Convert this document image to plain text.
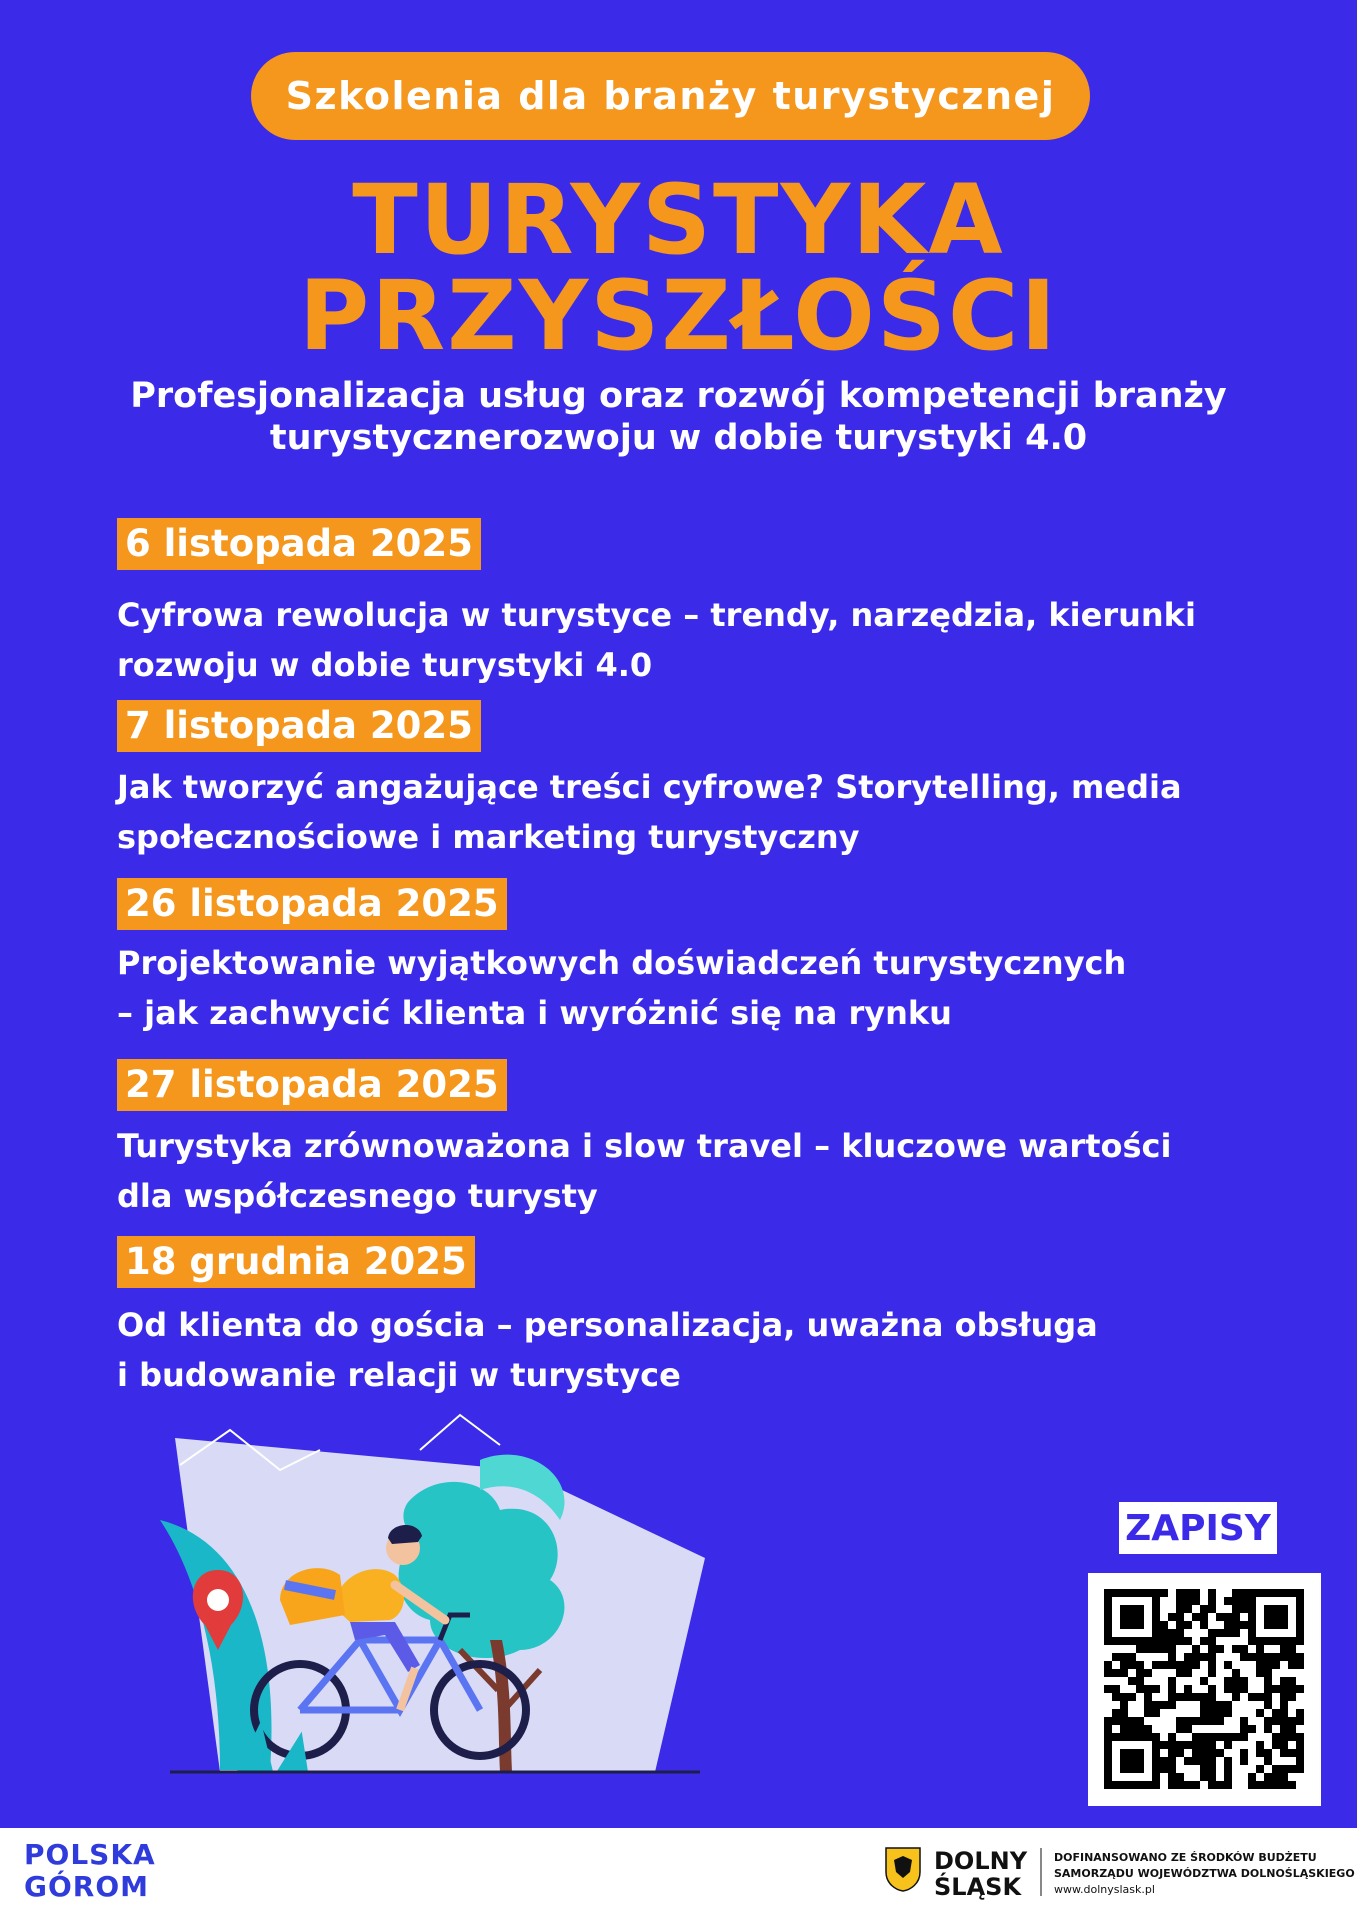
Szkolenia dla branży turystycznej
TURYSTYKA
PRZYSZŁOŚCI
Profesjonalizacja usług oraz rozwój kompetencji branży
turystycznerozwoju w dobie turystyki 4.0
6 listopada 2025
Cyfrowa rewolucja w turystyce – trendy, narzędzia, kierunki
rozwoju w dobie turystyki 4.0
7 listopada 2025
Jak tworzyć angażujące treści cyfrowe? Storytelling, media
społecznościowe i marketing turystyczny
26 listopada 2025
Projektowanie wyjątkowych doświadczeń turystycznych
– jak zachwycić klienta i wyróżnić się na rynku
27 listopada 2025
Turystyka zrównoważona i slow travel – kluczowe wartości
dla współczesnego turysty
18 grudnia 2025
Od klienta do gościa – personalizacja, uważna obsługa
i budowanie relacji w turystyce
ZAPISY
POLSKA
GÓROM
DOLNY
ŚLĄSK
DOFINANSOWANO ZE ŚRODKÓW BUDŻETU
SAMORZĄDU WOJEWÓDZTWA DOLNOŚLĄSKIEGO
www.dolnyslask.pl
